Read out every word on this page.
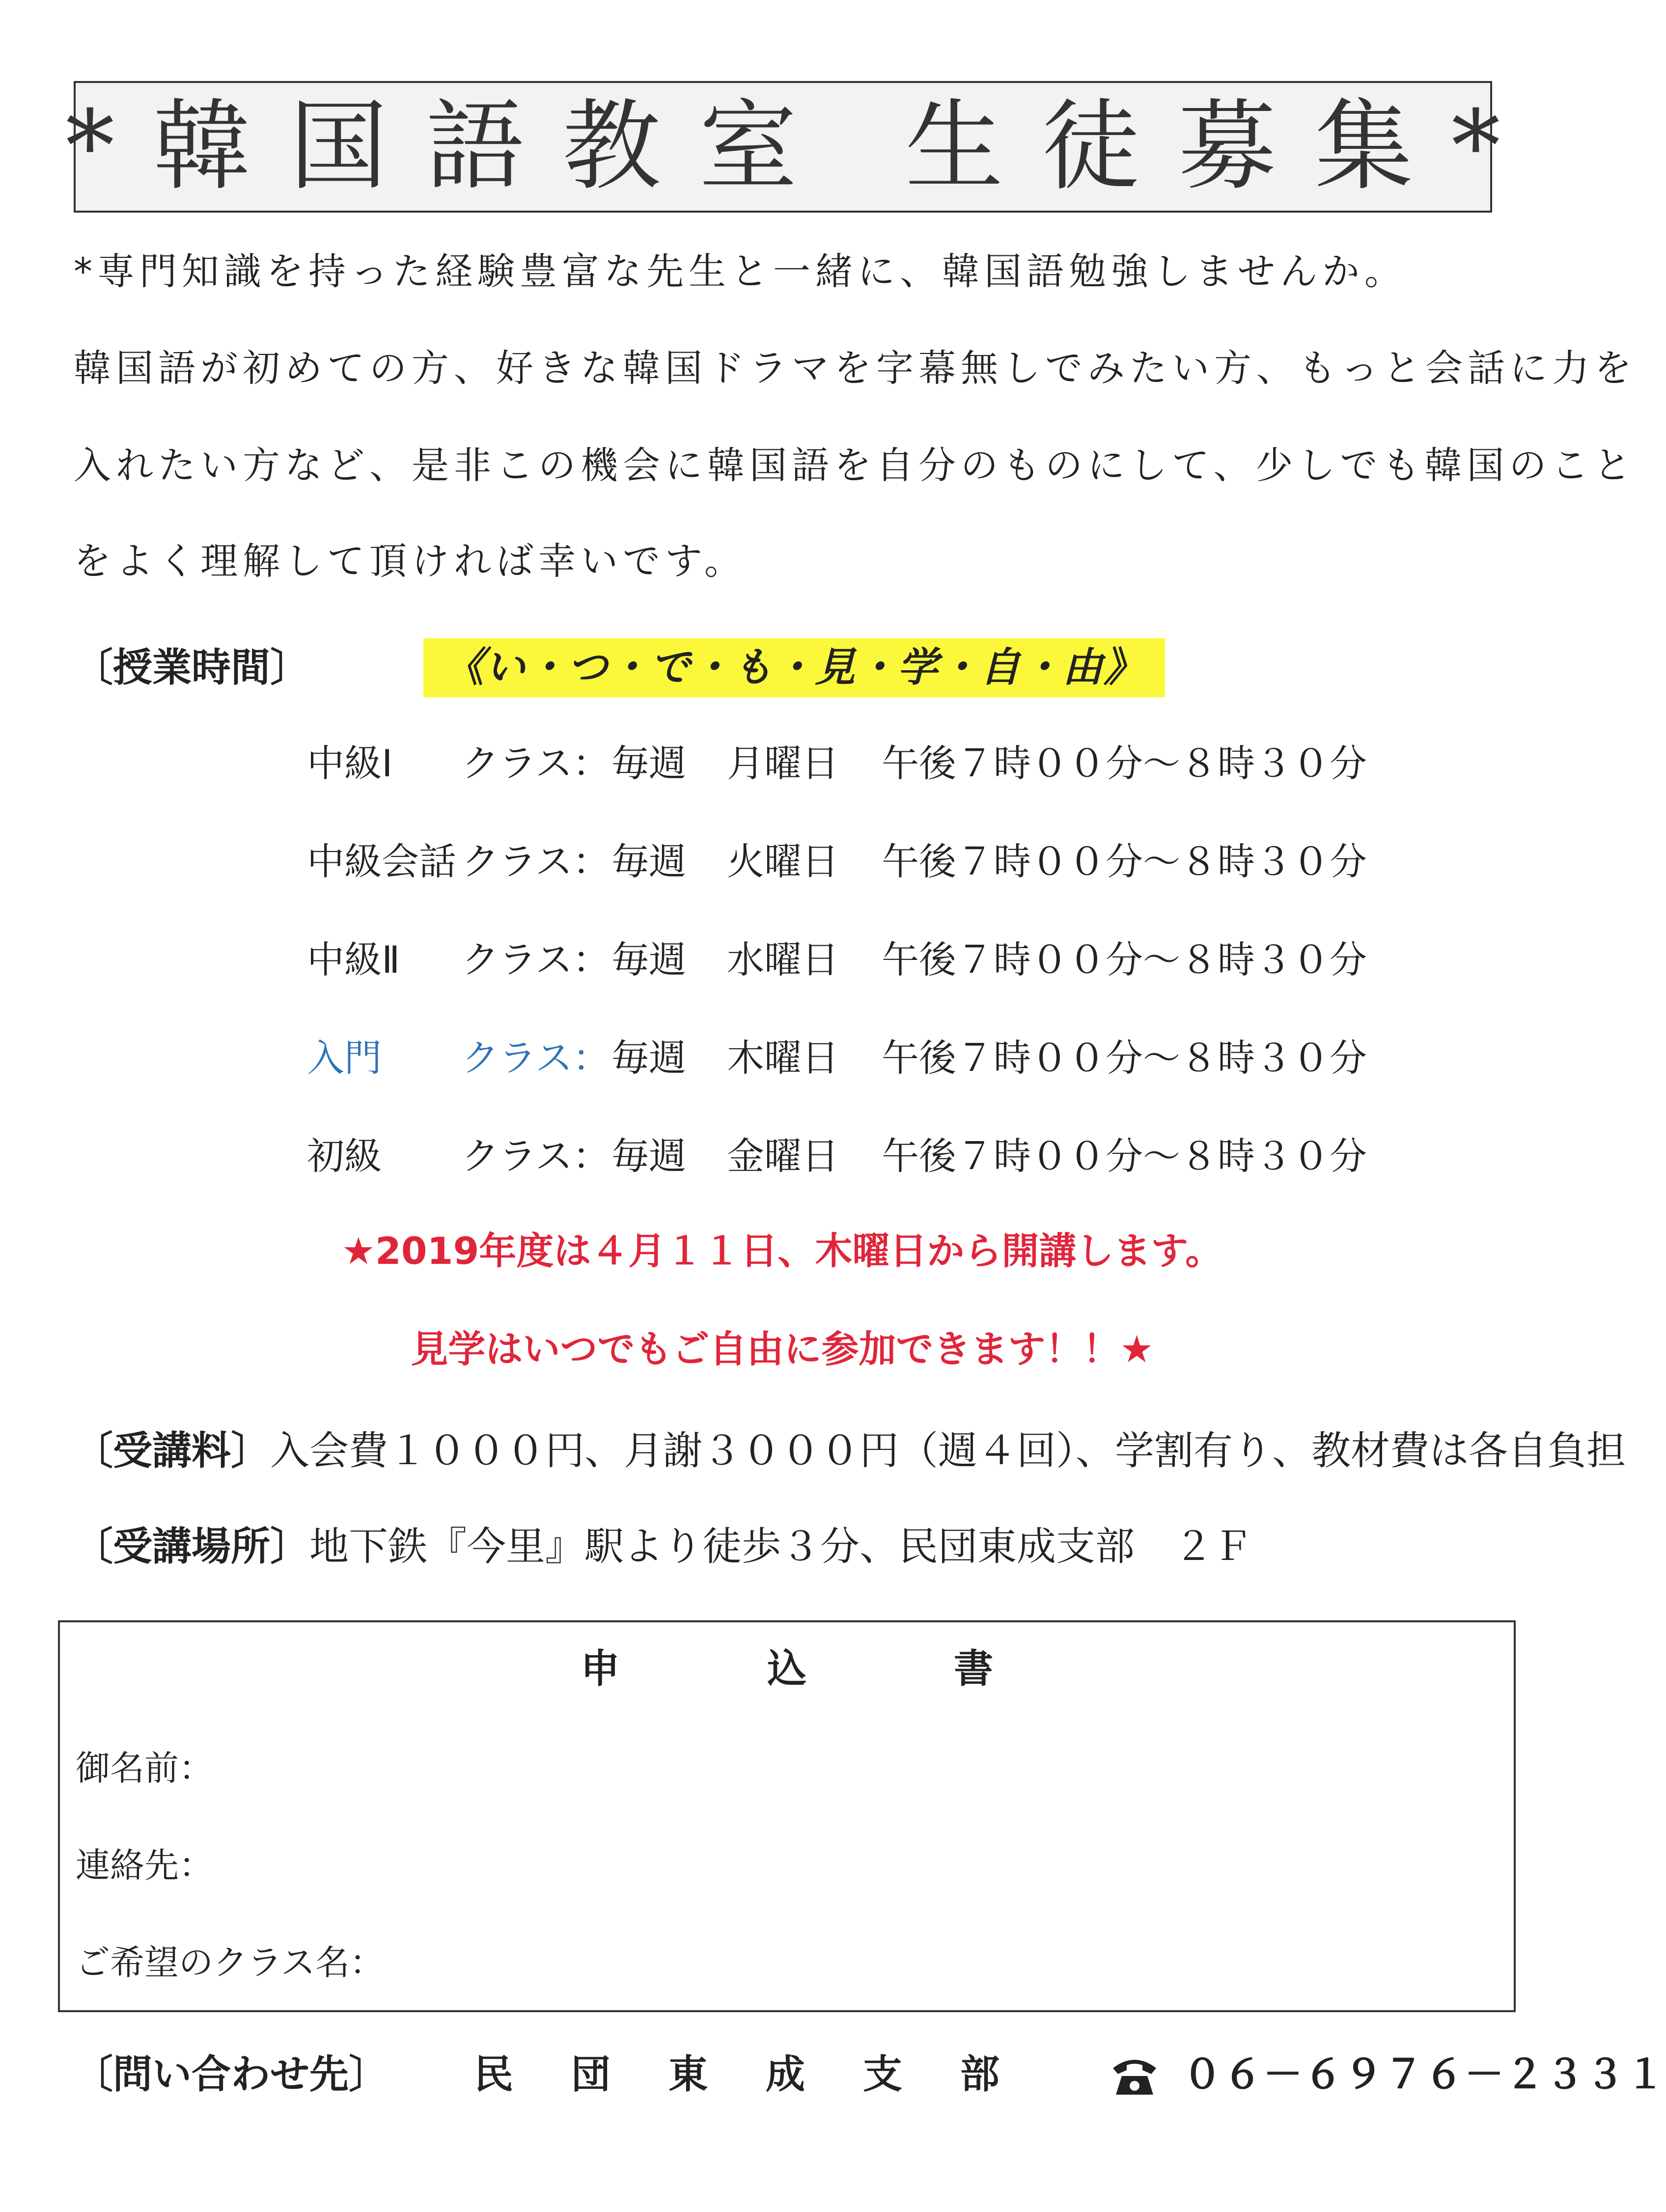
*韓国語教室 生徒募集*
*専門知識を持った経験豊富な先生と一緒に、韓国語勉強しませんか。
韓国語が初めての方、好きな韓国ドラマを字幕無しでみたい方、もっと会話に力を
入れたい方など、是非この機会に韓国語を自分のものにして、少しでも韓国のこと
をよく理解して頂ければ幸いです。
〔授業時間〕	《い・つ・で・も・見・学・自・由》
中級Ⅰ クラス： 毎週 月曜日 午後７時００分～８時３０分
中級会話 クラス： 毎週 火曜日 午後７時００分～８時３０分
中級Ⅱ クラス： 毎週 水曜日 午後７時００分～８時３０分
入門 クラス： 毎週 木曜日 午後７時００分～８時３０分
初級 クラス： 毎週 金曜日 午後７時００分～８時３０分
★2019年度は４月１１日、木曜日から開講します。
見学はいつでもご自由に参加できます！！★
〔受講料〕入会費１０００円、月謝３０００円（週４回）、学割有り、教材費は各自負担
〔受講場所〕地下鉄『今里』駅より徒歩３分、民団東成支部　２Ｆ
申込書
御名前：
連絡先：
ご希望のクラス名：
〔問い合わせ先〕 民団東成支部	０６－６９７６－２３３１
